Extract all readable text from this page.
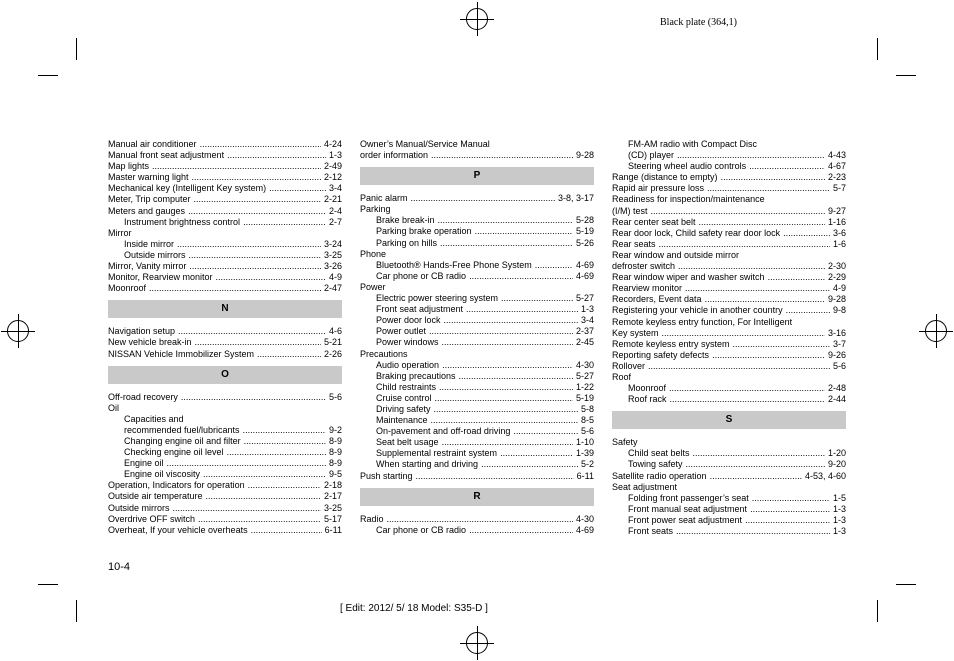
Black plate (364,1)
10-4
[ Edit: 2012/ 5/ 18 Model: S35-D ]
Manual air conditioner .....	4-24
Manual front seat adjustment .....	1-3
Map lights .....	2-49
Master warning light .....	2-12
Mechanical key (Intelligent Key system) .....	3-4
Meter, Trip computer .....	2-21
Meters and gauges .....	2-4
Instrument brightness control .....	2-7
Mirror
Inside mirror .....	3-24
Outside mirrors .....	3-25
Mirror, Vanity mirror .....	3-26
Monitor, Rearview monitor .....	4-9
Moonroof .....	2-47
N
Navigation setup .....	4-6
New vehicle break-in .....	5-21
NISSAN Vehicle Immobilizer System .....	2-26
O
Off-road recovery .....	5-6
Oil
Capacities and
recommended fuel/lubricants .....	9-2
Changing engine oil and filter .....	8-9
Checking engine oil level .....	8-9
Engine oil .....	8-9
Engine oil viscosity .....	9-5
Operation, Indicators for operation .....	2-18
Outside air temperature .....	2-17
Outside mirrors .....	3-25
Overdrive OFF switch .....	5-17
Overheat, If your vehicle overheats .....	6-11
Owner’s Manual/Service Manual
order information .....	9-28
P
Panic alarm .....	3-8, 3-17
Parking
Brake break-in .....	5-28
Parking brake operation .....	5-19
Parking on hills .....	5-26
Phone
Bluetooth® Hands-Free Phone System .....	4-69
Car phone or CB radio .....	4-69
Power
Electric power steering system .....	5-27
Front seat adjustment .....	1-3
Power door lock .....	3-4
Power outlet .....	2-37
Power windows .....	2-45
Precautions
Audio operation .....	4-30
Braking precautions .....	5-27
Child restraints .....	1-22
Cruise control .....	5-19
Driving safety .....	5-8
Maintenance .....	8-5
On-pavement and off-road driving .....	5-6
Seat belt usage .....	1-10
Supplemental restraint system .....	1-39
When starting and driving .....	5-2
Push starting .....	6-11
R
Radio .....	4-30
Car phone or CB radio .....	4-69
FM-AM radio with Compact Disc
(CD) player .....	4-43
Steering wheel audio controls .....	4-67
Range (distance to empty) .....	2-23
Rapid air pressure loss .....	5-7
Readiness for inspection/maintenance
(I/M) test .....	9-27
Rear center seat belt .....	1-16
Rear door lock, Child safety rear door lock .....	3-6
Rear seats .....	1-6
Rear window and outside mirror
defroster switch .....	2-30
Rear window wiper and washer switch .....	2-29
Rearview monitor .....	4-9
Recorders, Event data .....	9-28
Registering your vehicle in another country .....	9-8
Remote keyless entry function, For Intelligent
Key system .....	3-16
Remote keyless entry system .....	3-7
Reporting safety defects .....	9-26
Rollover .....	5-6
Roof
Moonroof .....	2-48
Roof rack .....	2-44
S
Safety
Child seat belts .....	1-20
Towing safety .....	9-20
Satellite radio operation .....	4-53, 4-60
Seat adjustment
Folding front passenger’s seat .....	1-5
Front manual seat adjustment .....	1-3
Front power seat adjustment .....	1-3
Front seats .....	1-3
